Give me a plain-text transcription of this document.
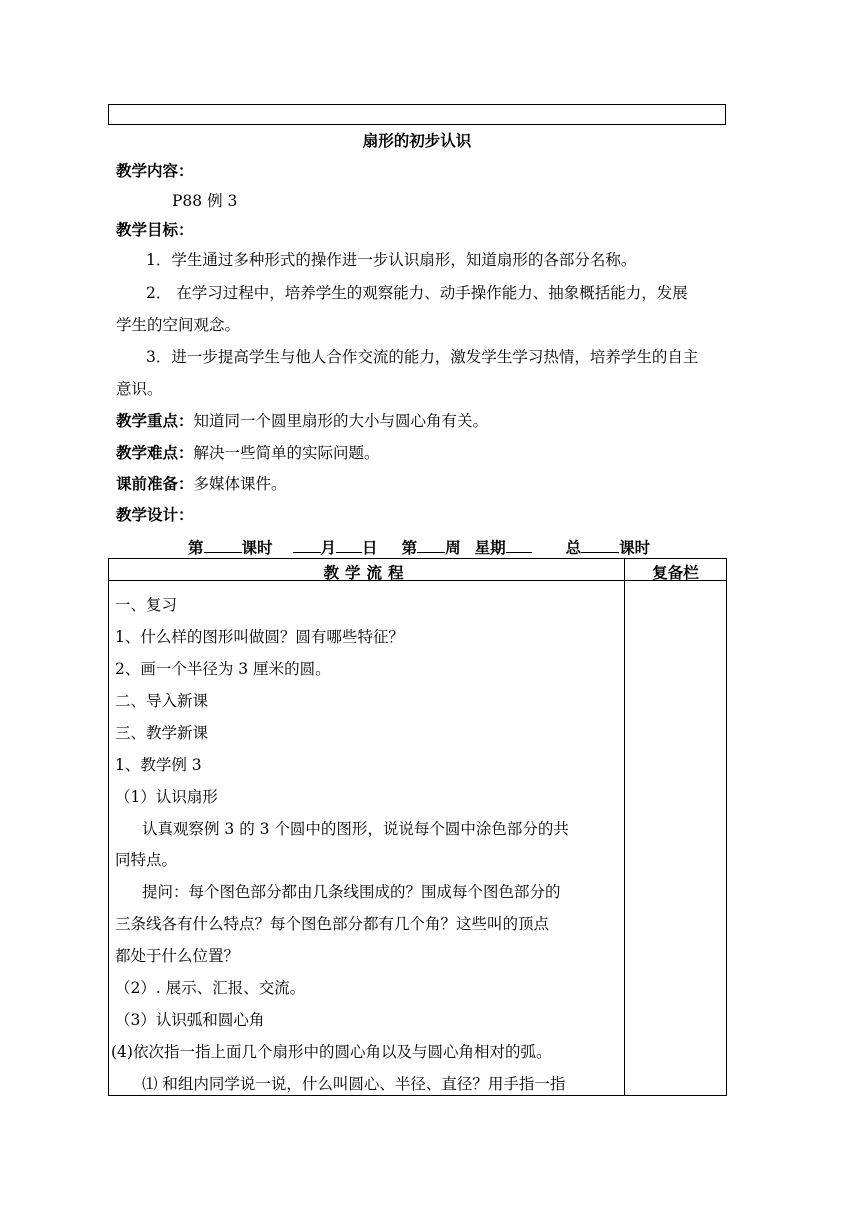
扇形的初步认识
教学内容：
P88 例 3
教学目标：
1．学生通过多种形式的操作进一步认识扇形，知道扇形的各部分名称。
2． 在学习过程中，培养学生的观察能力、动手操作能力、抽象概括能力，发展
学生的空间观念。
3．进一步提高学生与他人合作交流的能力，激发学生学习热情，培养学生的自主
意识。
教学重点：知道同一个圆里扇形的大小与圆心角有关。
教学难点：解决一些简单的实际问题。
课前准备：多媒体课件。
教学设计：
第 课时	月 日 第 周 星期	总 课时
教学流程	复备栏
一、复习
1、什么样的图形叫做圆？圆有哪些特征？
2、画一个半径为 3 厘米的圆。
二、导入新课
三、教学新课
1、教学例 3
（1）认识扇形
认真观察例 3 的 3 个圆中的图形，说说每个圆中涂色部分的共
同特点。
提问：每个图色部分都由几条线围成的？围成每个图色部分的
三条线各有什么特点？每个图色部分都有几个角？这些叫的顶点
都处于什么位置？
（2）. 展示、汇报、交流。
（3）认识弧和圆心角
(4)依次指一指上面几个扇形中的圆心角以及与圆心角相对的弧。
⑴ 和组内同学说一说，什么叫圆心、半径、直径？用手指一指
